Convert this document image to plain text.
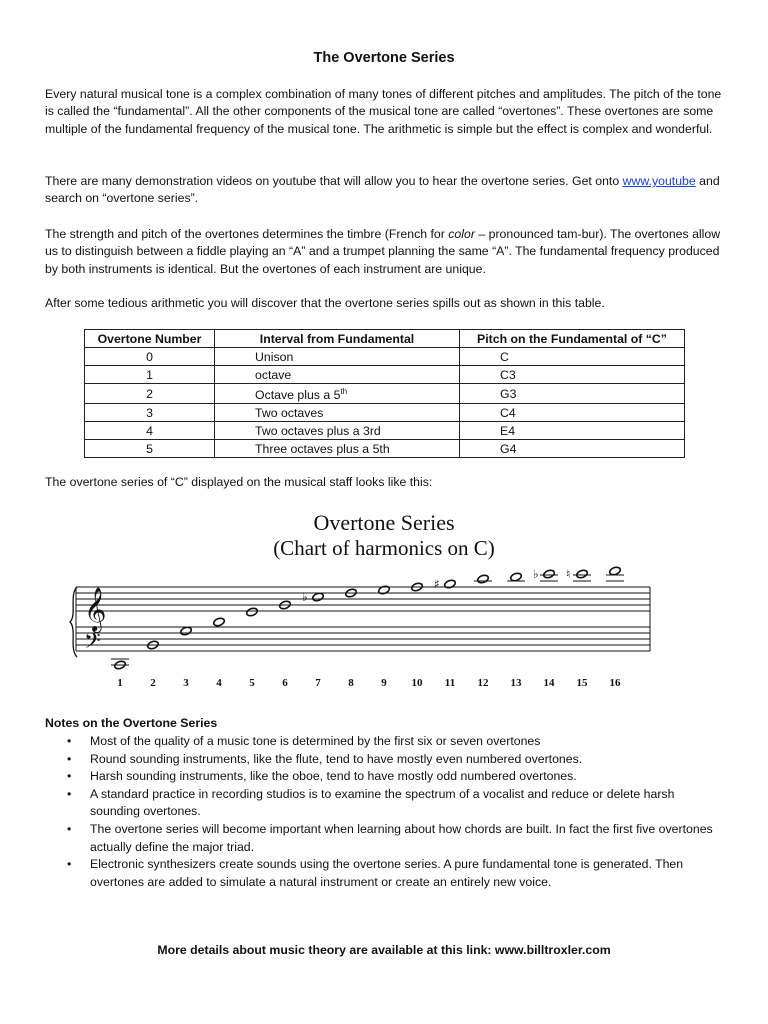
The Overtone Series

Every natural musical tone is a complex combination of many tones of different pitches and amplitudes. The pitch of the tone is called the “fundamental”. All the other components of the musical tone are called “overtones”. These overtones are some multiple of the fundamental frequency of the musical tone. The arithmetic is simple but the effect is complex and wonderful.

There are many demonstration videos on youtube that will allow you to hear the overtone series. Get onto www.youtube and search on “overtone series”.

The strength and pitch of the overtones determines the timbre (French for color – pronounced tam-bur). The overtones allow us to distinguish between a fiddle playing an “A” and a trumpet planning the same “A”. The fundamental frequency produced by both instruments is identical. But the overtones of each instrument are unique.

After some tedious arithmetic you will discover that the overtone series spills out as shown in this table.

Overtone Number	Interval from Fundamental	Pitch on the Fundamental of “C”
0	Unison	C
1	octave	C3
2	Octave plus a 5th	G3
3	Two octaves	C4
4	Two octaves plus a 3rd	E4
5	Three octaves plus a 5th	G4

The overtone series of “C” displayed on the musical staff looks like this:

Overtone Series
(Chart of harmonics on C)
𝄞
𝄢
♭
♯
♭ ♮
1	2	3	4	5	6	7	8	9 10 11 12 13 14 15 16
Notes on the Overtone Series
• Most of the quality of a music tone is determined by the first six or seven overtones
• Round sounding instruments, like the flute, tend to have mostly even numbered overtones.
• Harsh sounding instruments, like the oboe, tend to have mostly odd numbered overtones.
• A standard practice in recording studios is to examine the spectrum of a vocalist and reduce or delete harsh sounding overtones.
• The overtone series will become important when learning about how chords are built. In fact the first five overtones actually define the major triad.
• Electronic synthesizers create sounds using the overtone series. A pure fundamental tone is generated. Then overtones are added to simulate a natural instrument or create an entirely new voice.
More details about music theory are available at this link: www.billtroxler.com
